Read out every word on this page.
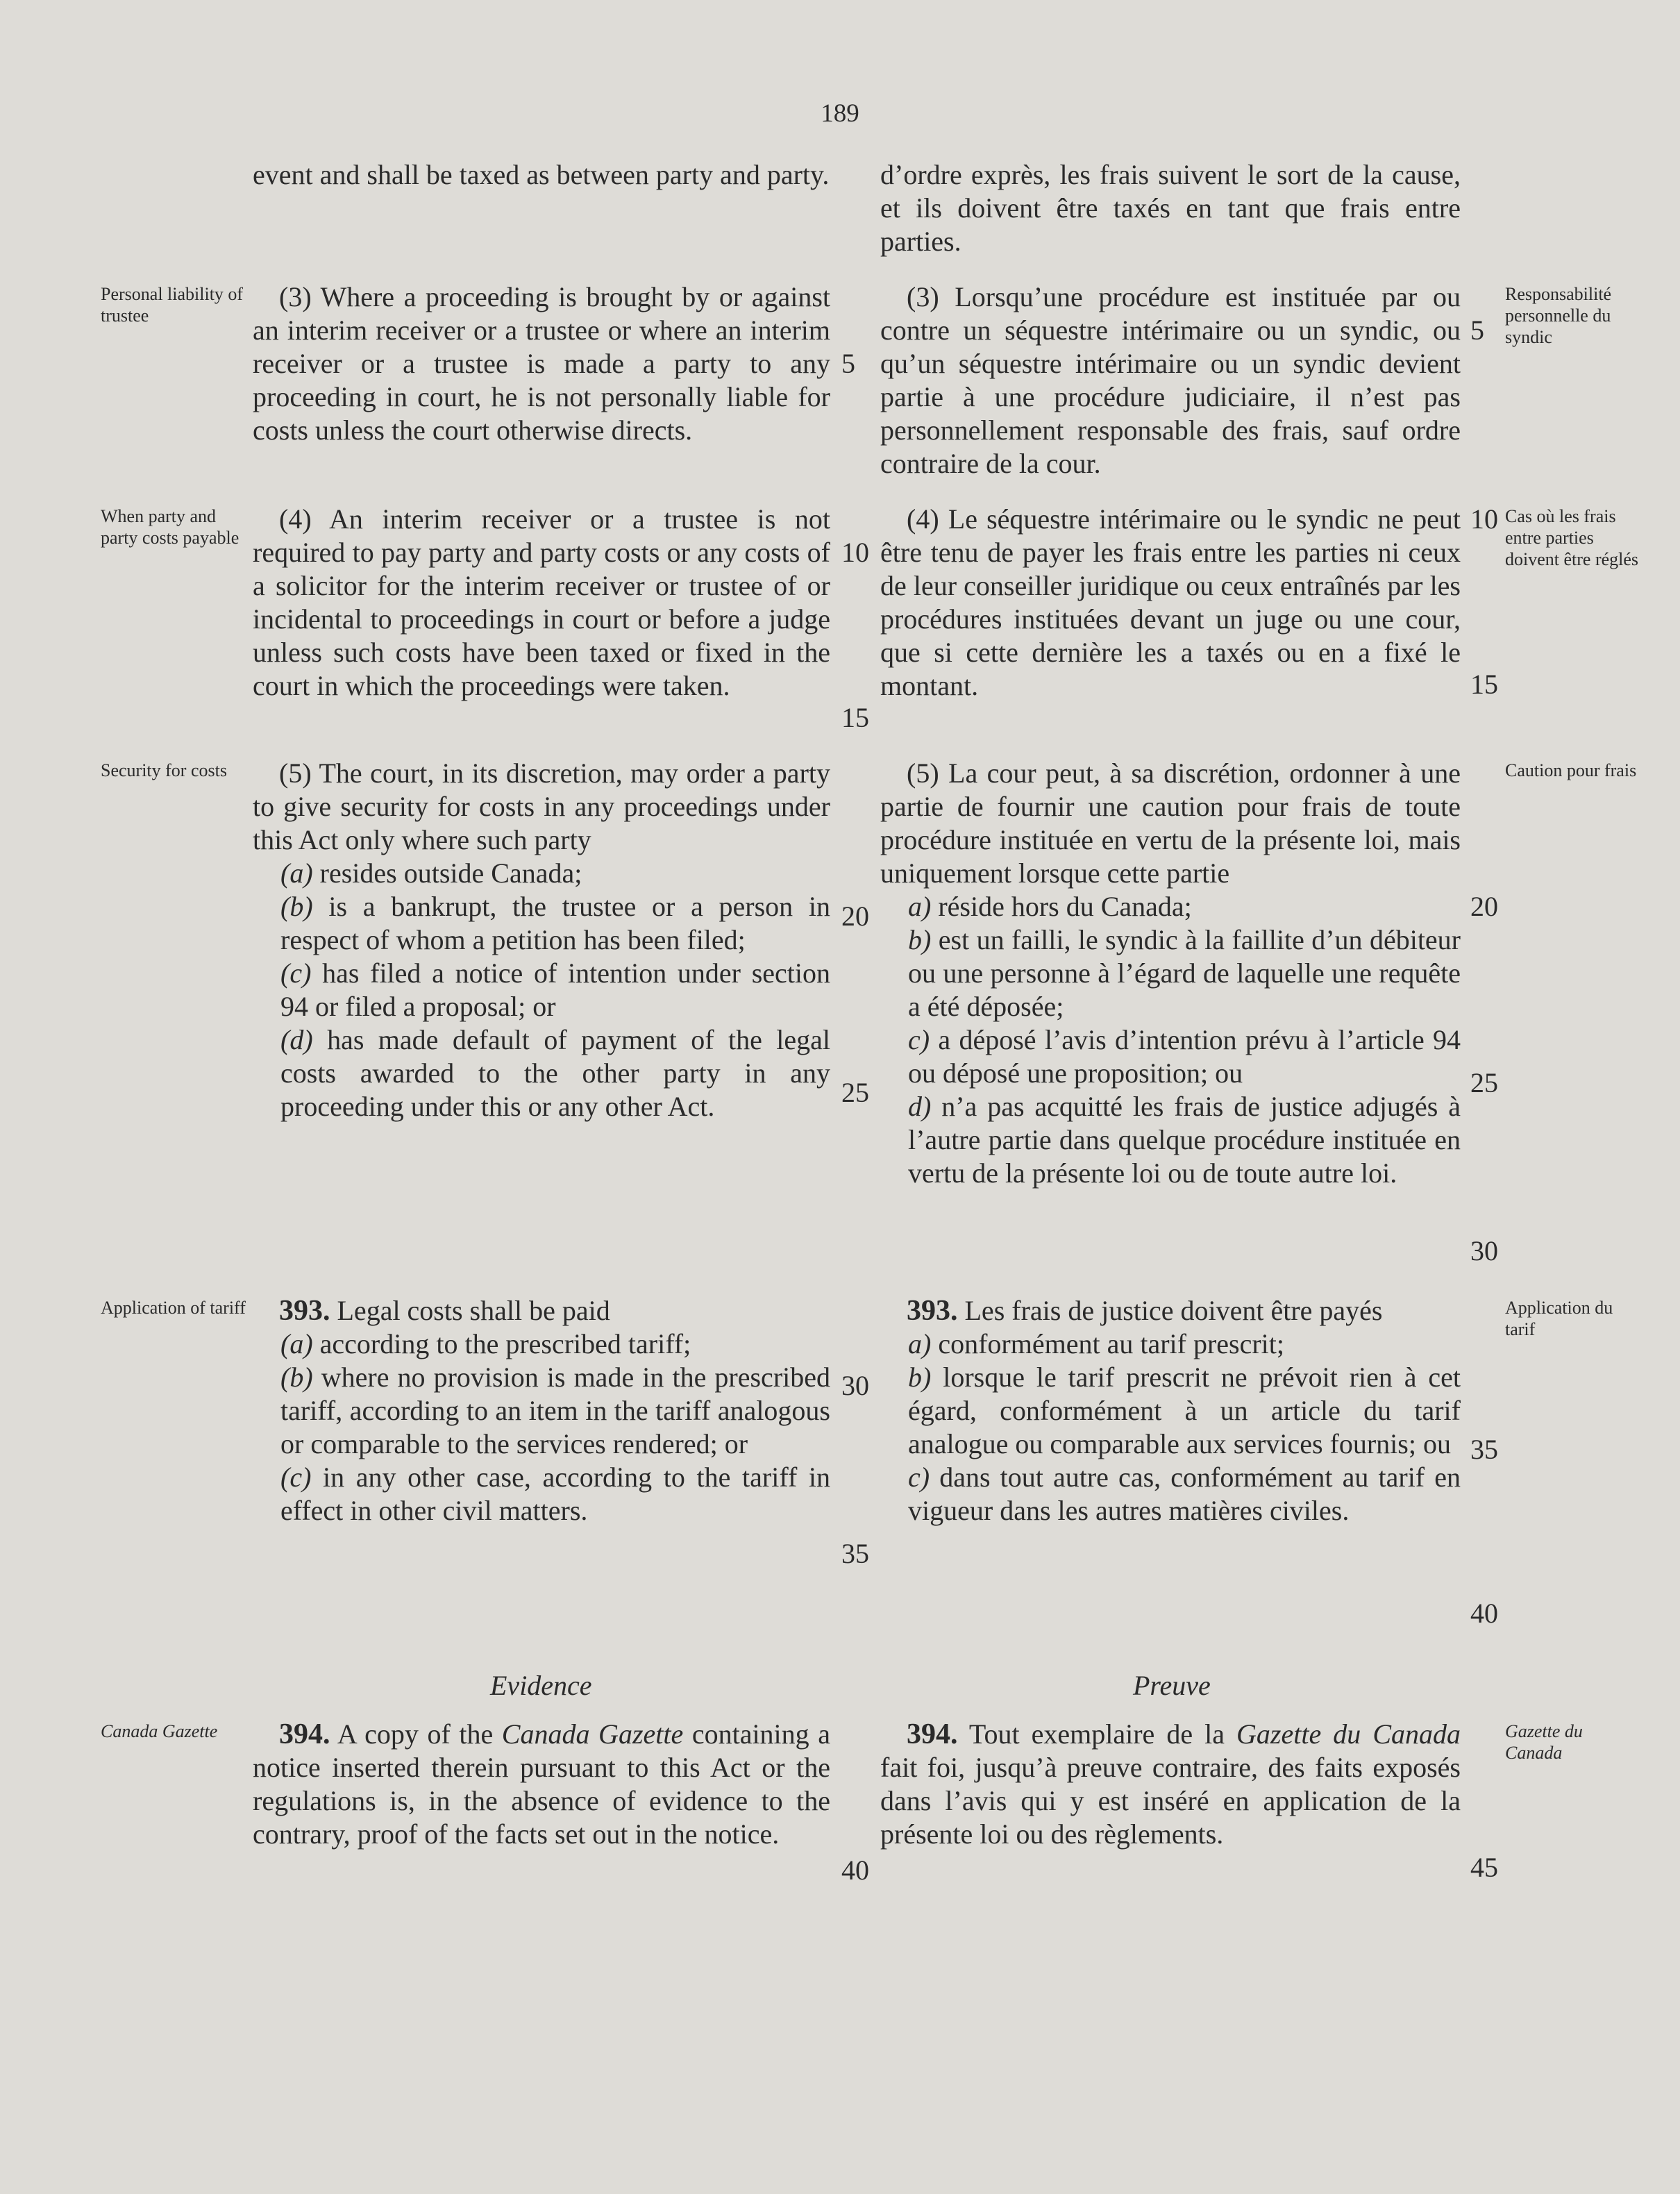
189

Personal liability of trustee

When party and party costs payable

Security for costs

Application of tariff

Canada Gazette

Responsabilité personnelle du syndic

Cas où les frais entre parties doivent être réglés

Caution pour frais

Application du tarif

Gazette du Canada

event and shall be taxed as between party and party.

(3) Where a proceeding is brought by or against an interim receiver or a trustee or where an interim receiver or a trustee is made a party to any proceeding in court, he is not personally liable for costs unless the court otherwise directs.

(4) An interim receiver or a trustee is not required to pay party and party costs or any costs of a solicitor for the interim receiver or trustee of or incidental to proceedings in court or before a judge unless such costs have been taxed or fixed in the court in which the proceedings were taken.

(5) The court, in its discretion, may order a party to give security for costs in any proceedings under this Act only where such party

(a) resides outside Canada;

(b) is a bankrupt, the trustee or a person in respect of whom a petition has been filed;

(c) has filed a notice of intention under section 94 or filed a proposal; or

(d) has made default of payment of the legal costs awarded to the other party in any proceeding under this or any other Act.

393. Legal costs shall be paid

(a) according to the prescribed tariff;

(b) where no provision is made in the prescribed tariff, according to an item in the tariff analogous or comparable to the services rendered; or

(c) in any other case, according to the tariff in effect in other civil matters.

Evidence

394. A copy of the Canada Gazette containing a notice inserted therein pursuant to this Act or the regulations is, in the absence of evidence to the contrary, proof of the facts set out in the notice.

d’ordre exprès, les frais suivent le sort de la cause, et ils doivent être taxés en tant que frais entre parties.

(3) Lorsqu’une procédure est instituée par ou contre un séquestre intérimaire ou un syndic, ou qu’un séquestre intérimaire ou un syndic devient partie à une procédure judiciaire, il n’est pas personnellement responsable des frais, sauf ordre contraire de la cour.

(4) Le séquestre intérimaire ou le syndic ne peut être tenu de payer les frais entre les parties ni ceux de leur conseiller juridique ou ceux entraînés par les procédures instituées devant un juge ou une cour, que si cette dernière les a taxés ou en a fixé le montant.

(5) La cour peut, à sa discrétion, ordonner à une partie de fournir une caution pour frais de toute procédure instituée en vertu de la présente loi, mais uniquement lorsque cette partie

a) réside hors du Canada;

b) est un failli, le syndic à la faillite d’un débiteur ou une personne à l’égard de laquelle une requête a été déposée;

c) a déposé l’avis d’intention prévu à l’article 94 ou déposé une proposition; ou

d) n’a pas acquitté les frais de justice adjugés à l’autre partie dans quelque procédure instituée en vertu de la présente loi ou de toute autre loi.

393. Les frais de justice doivent être payés

a) conformément au tarif prescrit;

b) lorsque le tarif prescrit ne prévoit rien à cet égard, conformément à un article du tarif analogue ou comparable aux services fournis; ou

c) dans tout autre cas, conformément au tarif en vigueur dans les autres matières civiles.

Preuve

394. Tout exemplaire de la Gazette du Canada fait foi, jusqu’à preuve contraire, des faits exposés dans l’avis qui y est inséré en application de la présente loi ou des règlements.

5
10
15
20
25
30
35
40
5
10
15
20
25
30
35
40
45
